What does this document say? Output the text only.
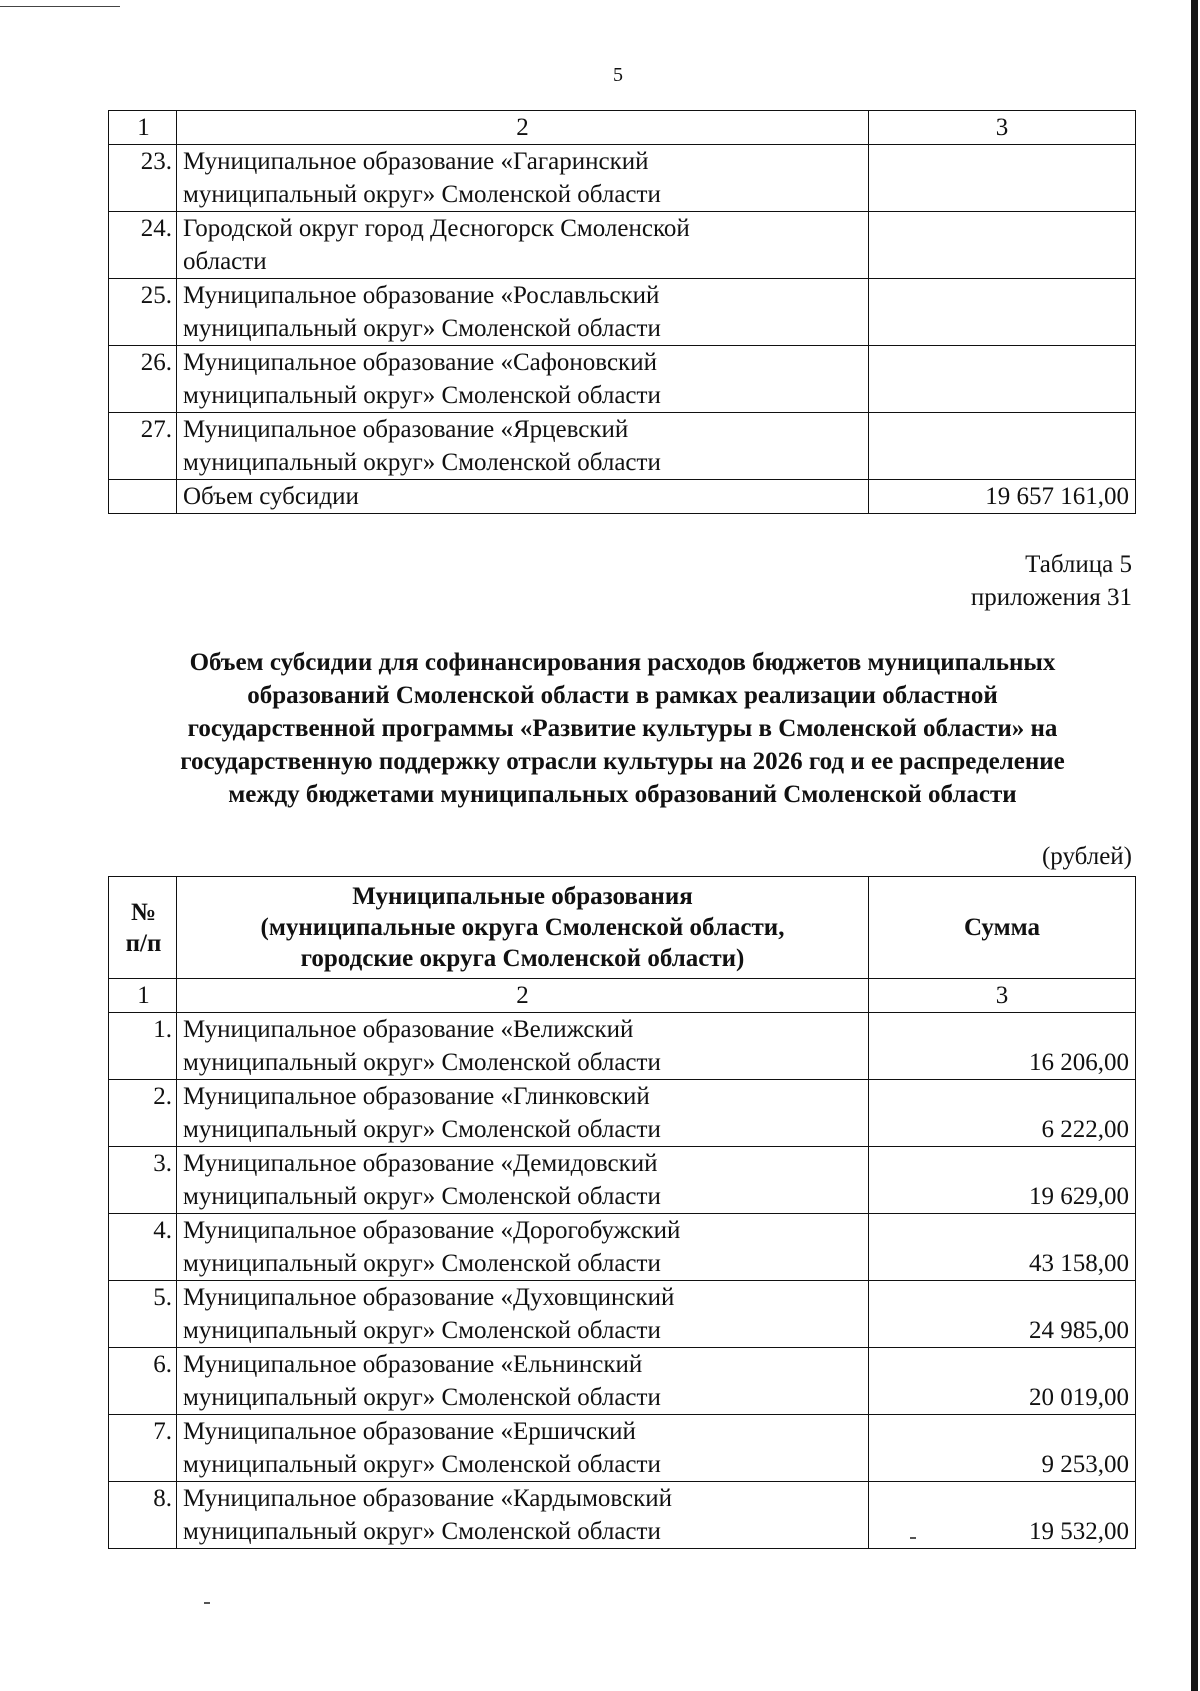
5
1	2	3
23.	Муниципальное образование «Гагаринский
муниципальный округ» Смоленской области	
24.	Городской округ город Десногорск Смоленской
области	
25.	Муниципальное образование «Рославльский
муниципальный округ» Смоленской области	
26.	Муниципальное образование «Сафоновский
муниципальный округ» Смоленской области	
27.	Муниципальное образование «Ярцевский
муниципальный округ» Смоленской области	
	Объем субсидии	19 657 161,00
Таблица 5
приложения 31
Объем субсидии для софинансирования расходов бюджетов муниципальных
образований Смоленской области в рамках реализации областной
государственной программы «Развитие культуры в Смоленской области» на
государственную поддержку отрасли культуры на 2026 год и ее распределение
между бюджетами муниципальных образований Смоленской области
(рублей)
№
п/п	Муниципальные образования
(муниципальные округа Смоленской области,
городские округа Смоленской области)	Сумма
1	2	3
1.	Муниципальное образование «Велижский
муниципальный округ» Смоленской области	16 206,00
2.	Муниципальное образование «Глинковский
муниципальный округ» Смоленской области	6 222,00
3.	Муниципальное образование «Демидовский
муниципальный округ» Смоленской области	19 629,00
4.	Муниципальное образование «Дорогобужский
муниципальный округ» Смоленской области	43 158,00
5.	Муниципальное образование «Духовщинский
муниципальный округ» Смоленской области	24 985,00
6.	Муниципальное образование «Ельнинский
муниципальный округ» Смоленской области	20 019,00
7.	Муниципальное образование «Ершичский
муниципальный округ» Смоленской области	9 253,00
8.	Муниципальное образование «Кардымовский
муниципальный округ» Смоленской области	19 532,00
